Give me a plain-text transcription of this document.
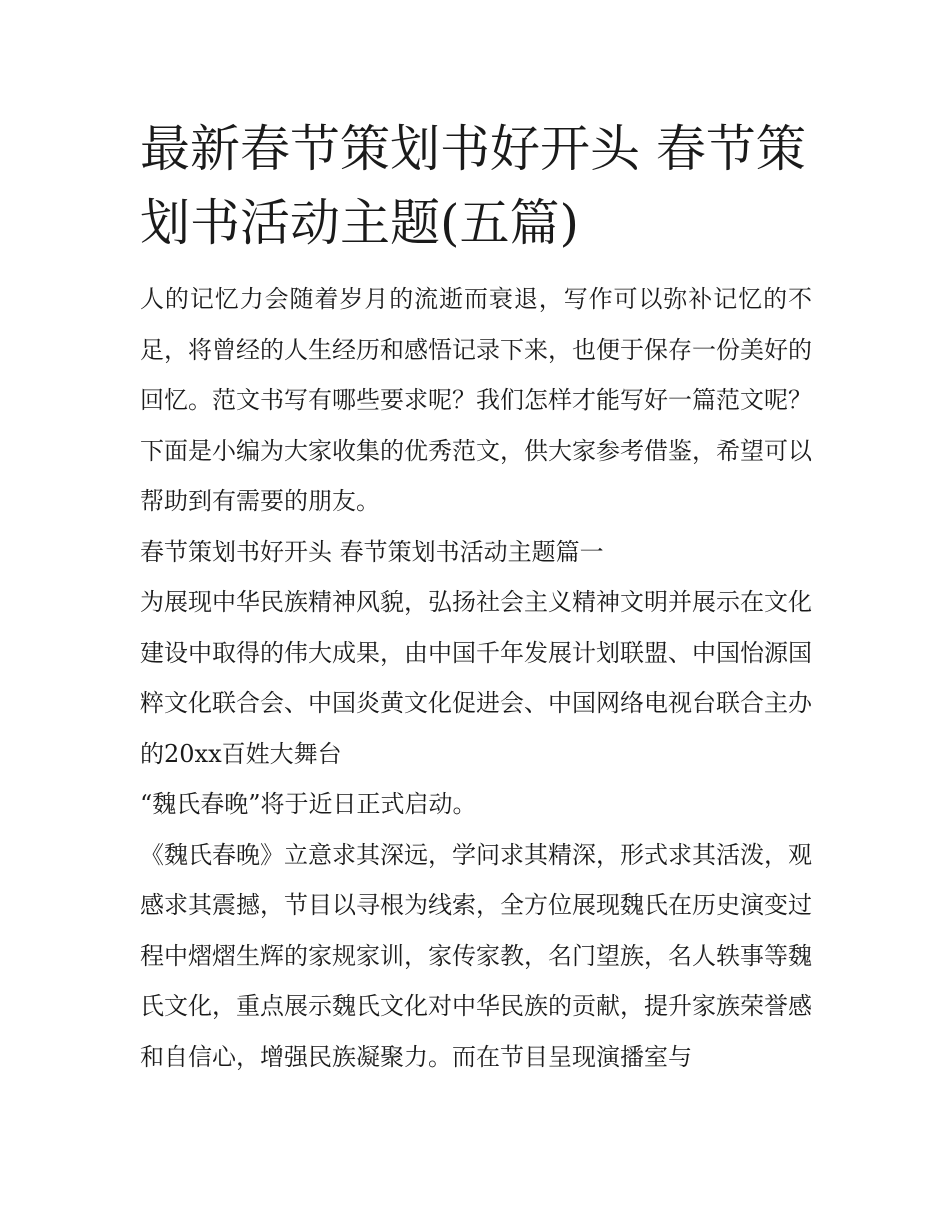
最新春节策划书好开头 春节策划书活动主题(五篇)

人的记忆力会随着岁月的流逝而衰退，写作可以弥补记忆的不足，将曾经的人生经历和感悟记录下来，也便于保存一份美好的回忆。范文书写有哪些要求呢？我们怎样才能写好一篇范文呢？下面是小编为大家收集的优秀范文，供大家参考借鉴，希望可以帮助到有需要的朋友。

春节策划书好开头 春节策划书活动主题篇一

为展现中华民族精神风貌，弘扬社会主义精神文明并展示在文化建设中取得的伟大成果，由中国千年发展计划联盟、中国怡源国粹文化联合会、中国炎黄文化促进会、中国网络电视台联合主办的20xx百姓大舞台

“魏氏春晚”将于近日正式启动。

《魏氏春晚》立意求其深远，学问求其精深，形式求其活泼，观感求其震撼，节目以寻根为线索，全方位展现魏氏在历史演变过程中熠熠生辉的家规家训，家传家教，名门望族，名人轶事等魏氏文化，重点展示魏氏文化对中华民族的贡献，提升家族荣誉感和自信心，增强民族凝聚力。而在节目呈现演播室与
